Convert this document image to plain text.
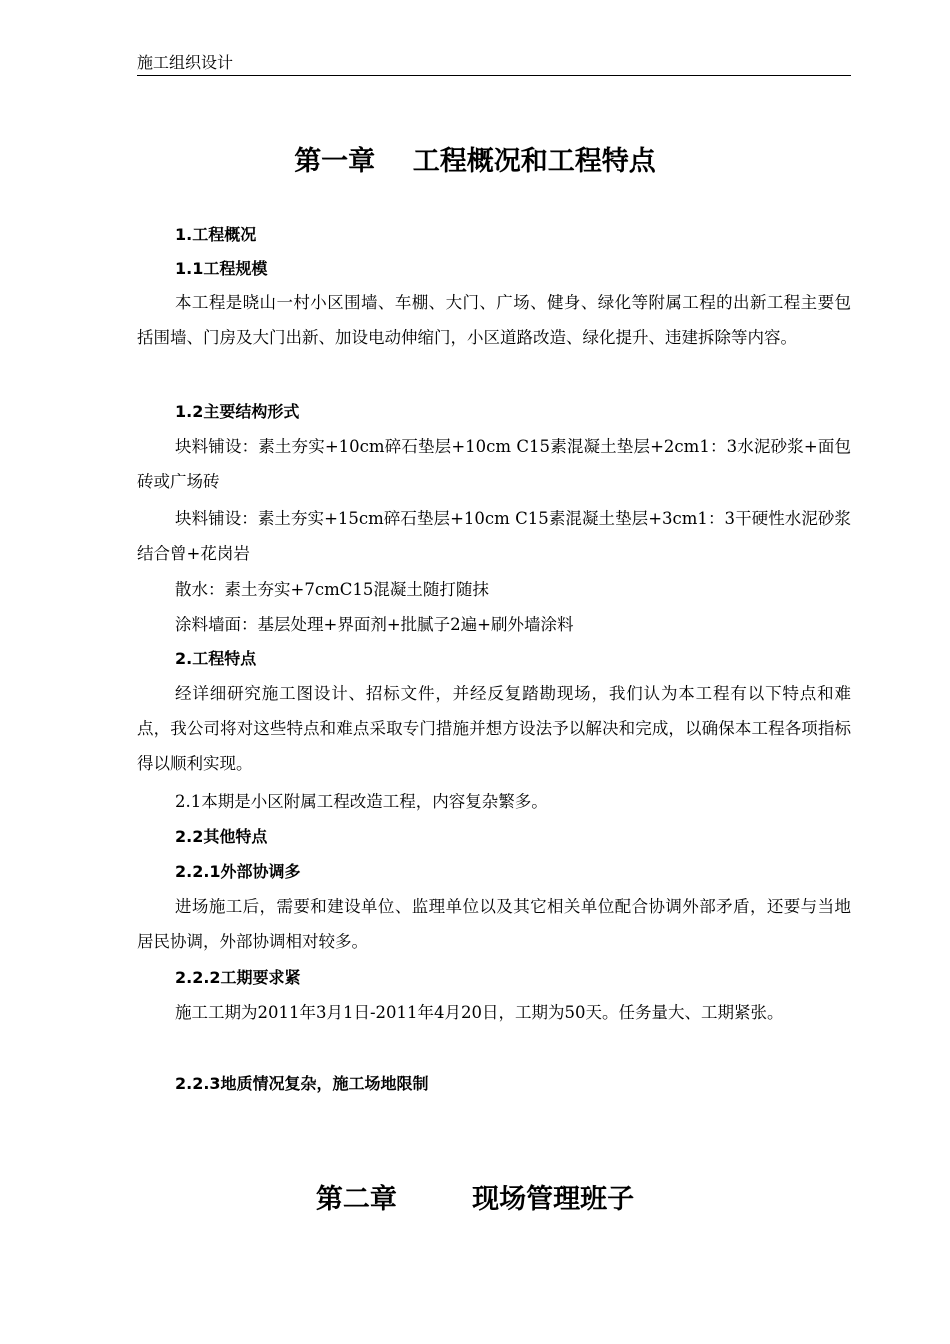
施工组织设计
第一章    工程概况和工程特点
1.工程概况
1.1工程规模
本工程是晓山一村小区围墙、车棚、大门、广场、健身、绿化等附属工程的出新工程主要包括围墙、门房及大门出新、加设电动伸缩门，小区道路改造、绿化提升、违建拆除等内容。
1.2主要结构形式
块料铺设：素土夯实+10cm碎石垫层+10cm C15素混凝土垫层+2cm1：3水泥砂浆+面包砖或广场砖
块料铺设：素土夯实+15cm碎石垫层+10cm C15素混凝土垫层+3cm1：3干硬性水泥砂浆结合曾+花岗岩
散水：素土夯实+7cmC15混凝土随打随抹
涂料墙面：基层处理+界面剂+批腻子2遍+刷外墙涂料
2.工程特点
经详细研究施工图设计、招标文件，并经反复踏勘现场，我们认为本工程有以下特点和难点，我公司将对这些特点和难点采取专门措施并想方设法予以解决和完成，以确保本工程各项指标得以顺利实现。
2.1本期是小区附属工程改造工程，内容复杂繁多。
2.2其他特点
2.2.1外部协调多
进场施工后，需要和建设单位、监理单位以及其它相关单位配合协调外部矛盾，还要与当地居民协调，外部协调相对较多。
2.2.2工期要求紧
施工工期为2011年3月1日-2011年4月20日，工期为50天。任务量大、工期紧张。
2.2.3地质情况复杂，施工场地限制
第二章        现场管理班子
